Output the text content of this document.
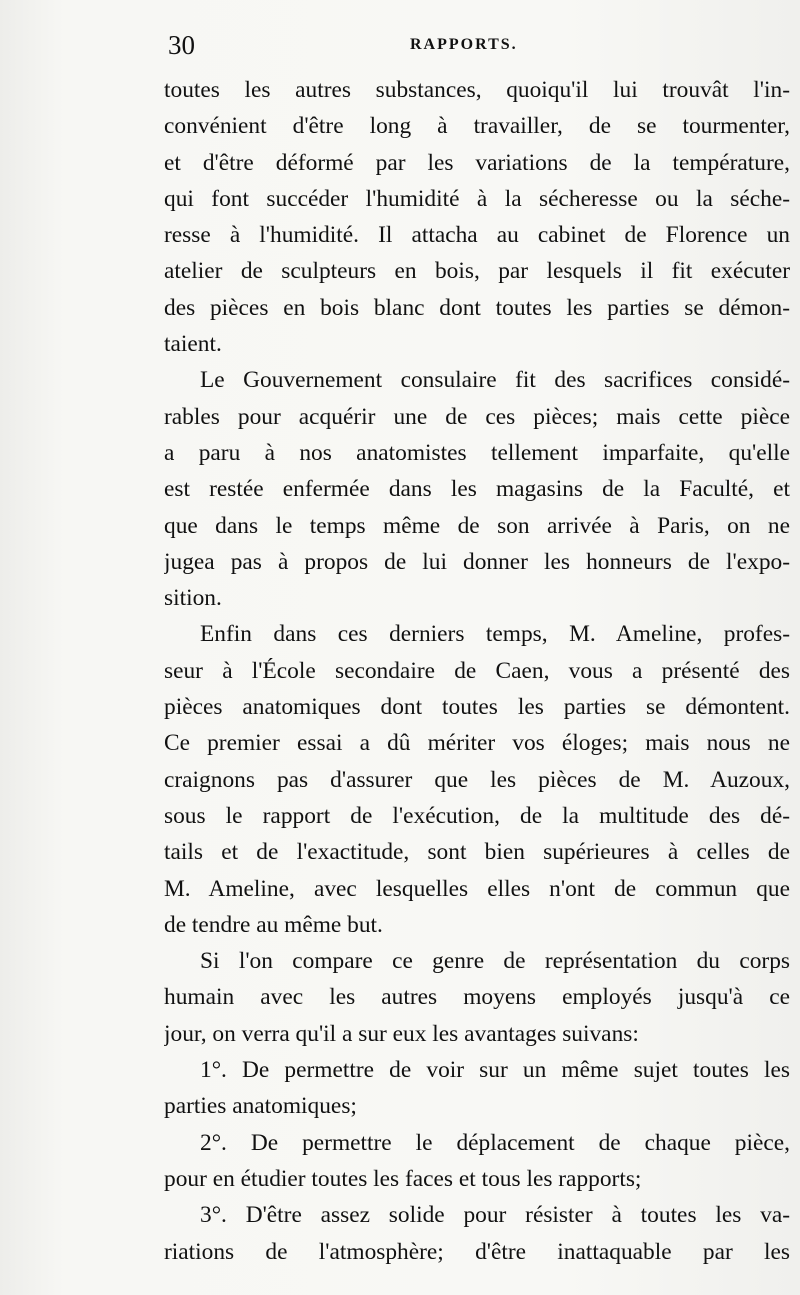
30	RAPPORTS.
toutes les autres substances, quoiqu'il lui trouvât l'in-
convénient d'être long à travailler, de se tourmenter,
et d'être déformé par les variations de la température,
qui font succéder l'humidité à la sécheresse ou la séche-
resse à l'humidité. Il attacha au cabinet de Florence un
atelier de sculpteurs en bois, par lesquels il fit exécuter
des pièces en bois blanc dont toutes les parties se démon-
taient.
Le Gouvernement consulaire fit des sacrifices considé-
rables pour acquérir une de ces pièces; mais cette pièce
a paru à nos anatomistes tellement imparfaite, qu'elle
est restée enfermée dans les magasins de la Faculté, et
que dans le temps même de son arrivée à Paris, on ne
jugea pas à propos de lui donner les honneurs de l'expo-
sition.
Enfin dans ces derniers temps, M. Ameline, profes-
seur à l'École secondaire de Caen, vous a présenté des
pièces anatomiques dont toutes les parties se démontent.
Ce premier essai a dû mériter vos éloges; mais nous ne
craignons pas d'assurer que les pièces de M. Auzoux,
sous le rapport de l'exécution, de la multitude des dé-
tails et de l'exactitude, sont bien supérieures à celles de
M. Ameline, avec lesquelles elles n'ont de commun que
de tendre au même but.
Si l'on compare ce genre de représentation du corps
humain avec les autres moyens employés jusqu'à ce
jour, on verra qu'il a sur eux les avantages suivans:
1°. De permettre de voir sur un même sujet toutes les
parties anatomiques;
2°. De permettre le déplacement de chaque pièce,
pour en étudier toutes les faces et tous les rapports;
3°. D'être assez solide pour résister à toutes les va-
riations de l'atmosphère; d'être inattaquable par les
